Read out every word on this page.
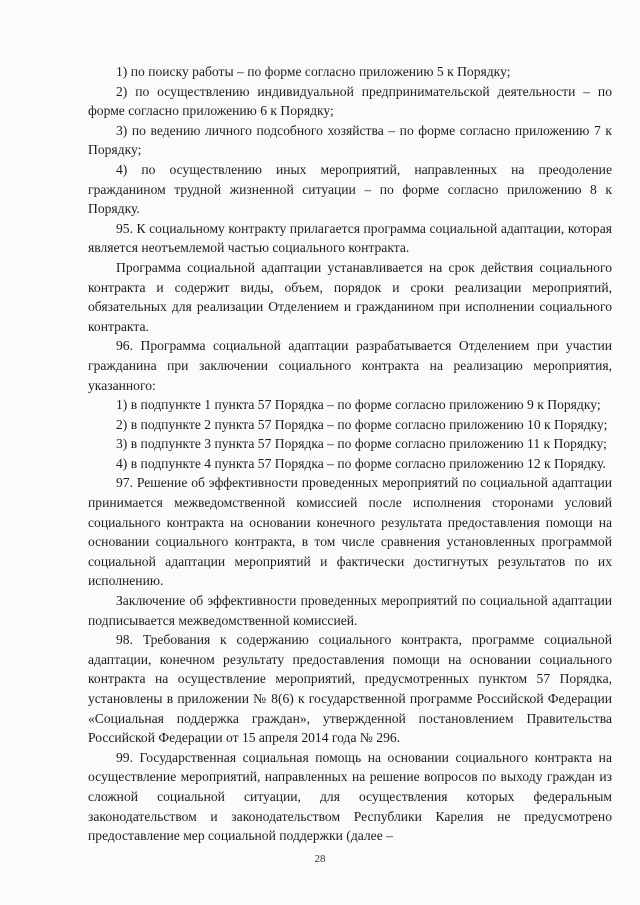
1) по поиску работы – по форме согласно приложению 5 к Порядку;

2) по осуществлению индивидуальной предпринимательской деятельности – по форме согласно приложению 6 к Порядку;

3) по ведению личного подсобного хозяйства – по форме согласно приложению 7 к Порядку;

4) по осуществлению иных мероприятий, направленных на преодоление гражданином трудной жизненной ситуации – по форме согласно приложению 8 к Порядку.

95. К социальному контракту прилагается программа социальной адаптации, которая является неотъемлемой частью социального контракта.

Программа социальной адаптации устанавливается на срок действия социального контракта и содержит виды, объем, порядок и сроки реализации мероприятий, обязательных для реализации Отделением и гражданином при исполнении социального контракта.

96. Программа социальной адаптации разрабатывается Отделением при участии гражданина при заключении социального контракта на реализацию мероприятия, указанного:

1) в подпункте 1 пункта 57 Порядка – по форме согласно приложению 9 к Порядку;

2) в подпункте 2 пункта 57 Порядка – по форме согласно приложению 10 к Порядку;

3) в подпункте 3 пункта 57 Порядка – по форме согласно приложению 11 к Порядку;

4) в подпункте 4 пункта 57 Порядка – по форме согласно приложению 12 к Порядку.

97. Решение об эффективности проведенных мероприятий по социальной адаптации принимается межведомственной комиссией после исполнения сторонами условий социального контракта на основании конечного результата предоставления помощи на основании социального контракта, в том числе сравнения установленных программой социальной адаптации мероприятий и фактически достигнутых результатов по их исполнению.

Заключение об эффективности проведенных мероприятий по социальной адаптации подписывается межведомственной комиссией.

98. Требования к содержанию социального контракта, программе социальной адаптации, конечном результату предоставления помощи на основании социального контракта на осуществление мероприятий, предусмотренных пунктом 57 Порядка, установлены в приложении № 8(6) к государственной программе Российской Федерации «Социальная поддержка граждан», утвержденной постановлением Правительства Российской Федерации от 15 апреля 2014 года № 296.

99. Государственная социальная помощь на основании социального контракта на осуществление мероприятий, направленных на решение вопросов по выходу граждан из сложной социальной ситуации, для осуществления которых федеральным законодательством и законодательством Республики Карелия не предусмотрено предоставление мер социальной поддержки (далее –

28
